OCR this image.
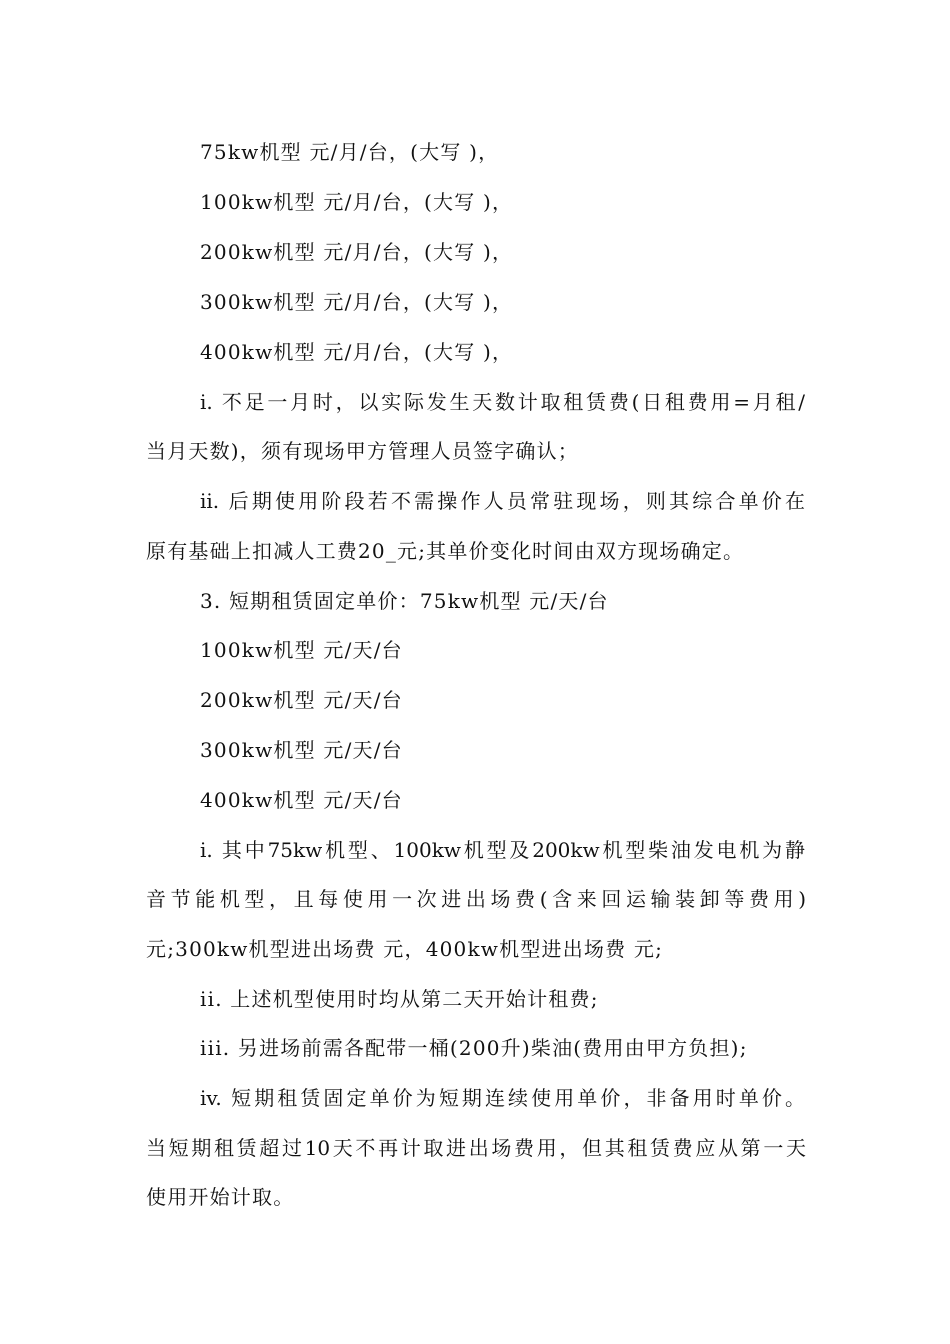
75kw机型 元/月/台，(大写 )，
100kw机型 元/月/台，(大写 )，
200kw机型 元/月/台，(大写 )，
300kw机型 元/月/台，(大写 )，
400kw机型 元/月/台，(大写 )，
i. 不足一月时，以实际发生天数计取租赁费(日租费用=月租/
当月天数)，须有现场甲方管理人员签字确认；
ii. 后期使用阶段若不需操作人员常驻现场，则其综合单价在
原有基础上扣减人工费20_元;其单价变化时间由双方现场确定。
3. 短期租赁固定单价：75kw机型 元/天/台
100kw机型 元/天/台
200kw机型 元/天/台
300kw机型 元/天/台
400kw机型 元/天/台
i. 其中75kw机型、100kw机型及200kw机型柴油发电机为静
音节能机型，且每使用一次进出场费(含来回运输装卸等费用)
元;300kw机型进出场费 元，400kw机型进出场费 元;
ii. 上述机型使用时均从第二天开始计租费;
iii. 另进场前需各配带一桶(200升)柴油(费用由甲方负担);
iv. 短期租赁固定单价为短期连续使用单价，非备用时单价。
当短期租赁超过10天不再计取进出场费用，但其租赁费应从第一天
使用开始计取。
